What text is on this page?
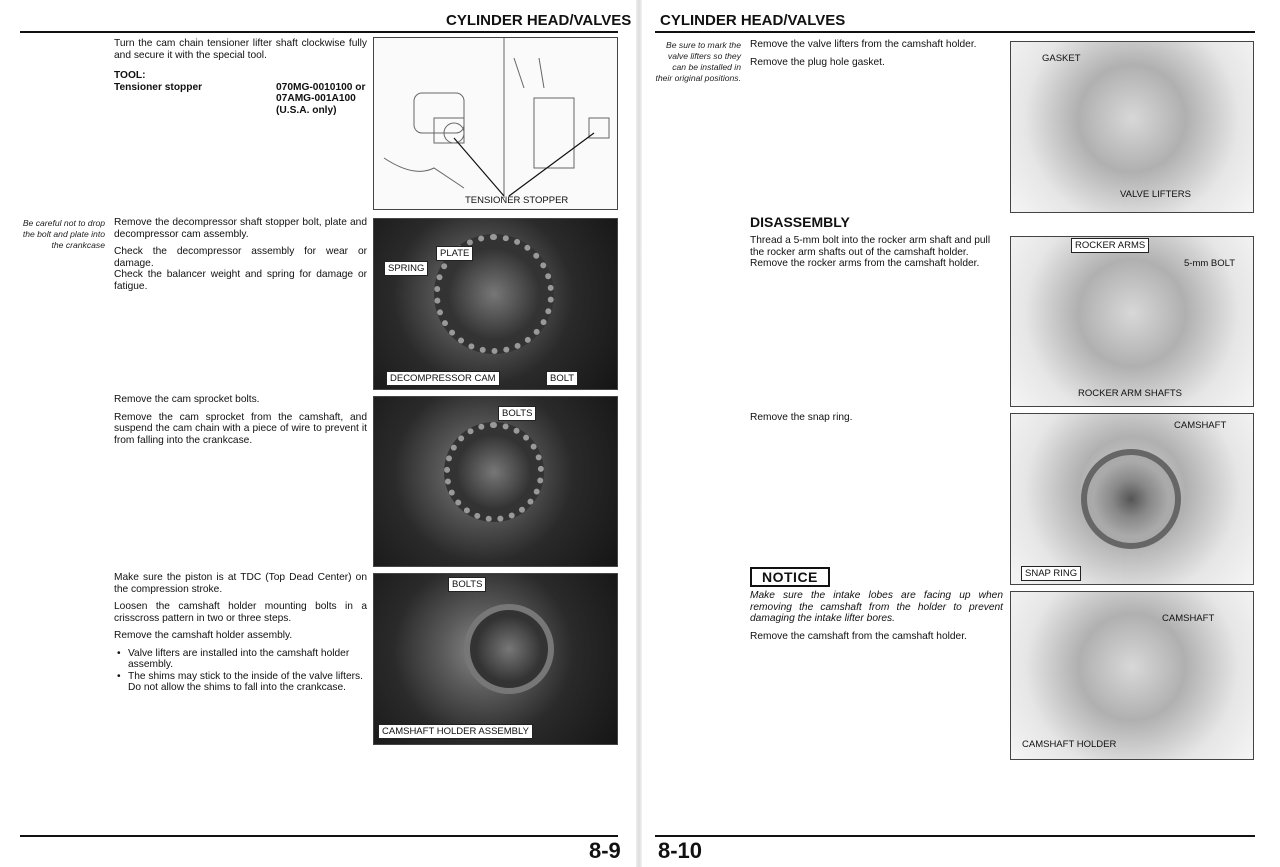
CYLINDER HEAD/VALVES

Turn the cam chain tensioner lifter shaft clockwise fully and secure it with the special tool.

TOOL:
Tensioner stopper	070MG-0010100 or 07AMG-001A100 (U.S.A. only)
TENSIONER STOPPER
Be careful not to drop the bolt and plate into the crankcase

Remove the decompressor shaft stopper bolt, plate and decompressor cam assembly.

Check the decompressor assembly for wear or damage.

Check the balancer weight and spring for damage or fatigue.

PLATE
SPRING
DECOMPRESSOR CAM	BOLT

Remove the cam sprocket bolts.

Remove the cam sprocket from the camshaft, and suspend the cam chain with a piece of wire to prevent it from falling into the crankcase.

BOLTS

Make sure the piston is at TDC (Top Dead Center) on the compression stroke.

Loosen the camshaft holder mounting bolts in a crisscross pattern in two or three steps.

Remove the camshaft holder assembly.

• Valve lifters are installed into the camshaft holder assembly.
• The shims may stick to the inside of the valve lifters. Do not allow the shims to fall into the crankcase.
BOLTS
CAMSHAFT HOLDER ASSEMBLY
8-9
CYLINDER HEAD/VALVES
Be sure to mark the valve lifters so they can be installed in their original positions.

Remove the valve lifters from the camshaft holder.

Remove the plug hole gasket.	GASKET
VALVE LIFTERS
DISASSEMBLY

Thread a 5-mm bolt into the rocker arm shaft and pull the rocker arm shafts out of the camshaft holder. Remove the rocker arms from the camshaft holder.

ROCKER ARMS
5-mm BOLT
ROCKER ARM SHAFTS

Remove the snap ring.

CAMSHAFT
SNAP RING
NOTICE

Make sure the intake lobes are facing up when removing the camshaft from the holder to prevent damaging the intake lifter bores.

Remove the camshaft from the camshaft holder.

CAMSHAFT
CAMSHAFT HOLDER
8-10
